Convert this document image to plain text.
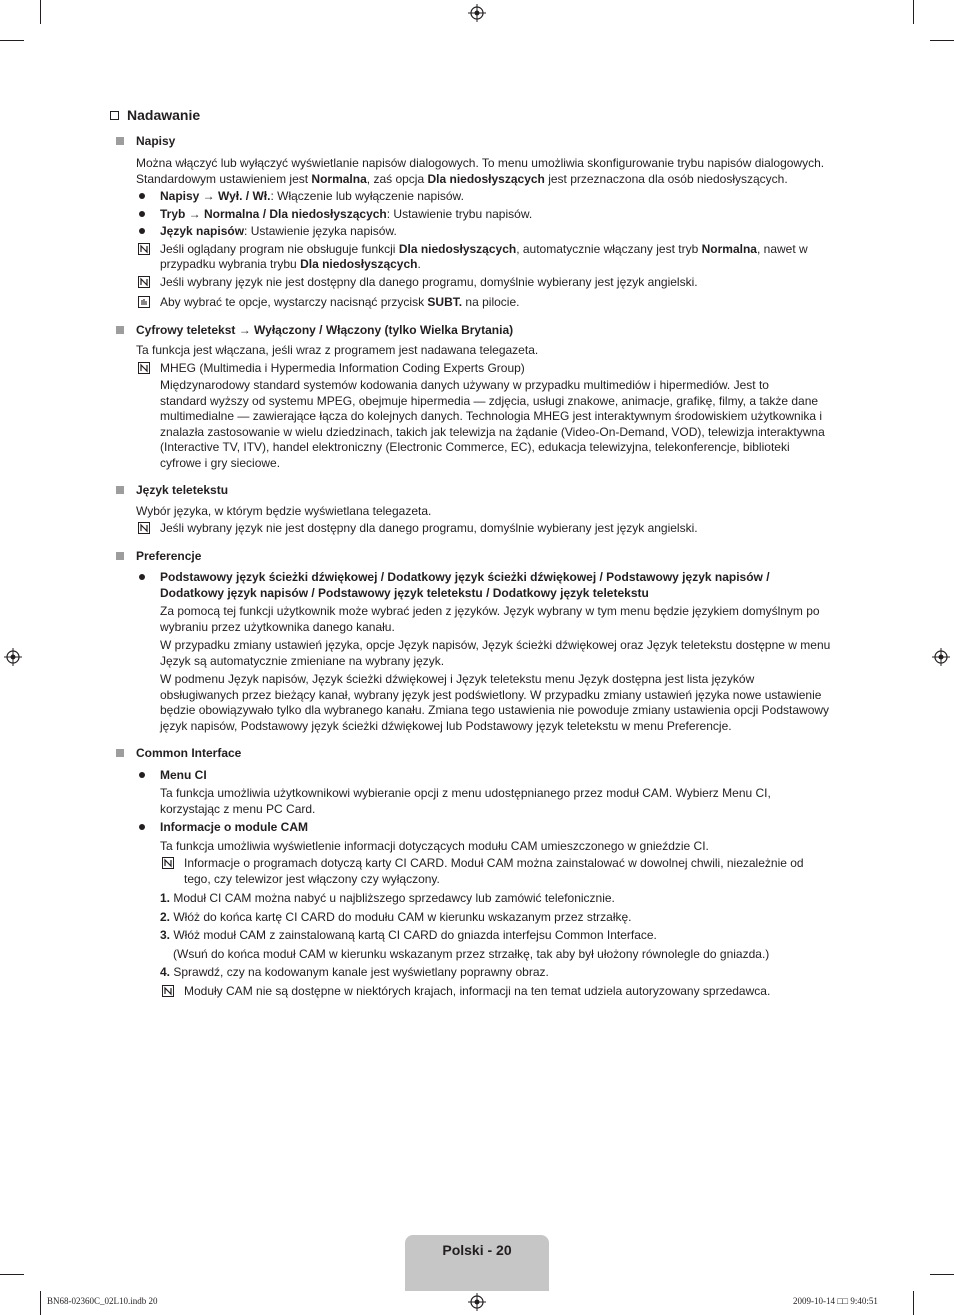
Nadawanie

Napisy

Można włączyć lub wyłączyć wyświetlanie napisów dialogowych. To menu umożliwia skonfigurowanie trybu napisów dialogowych.
Standardowym ustawieniem jest Normalna, zaś opcja Dla niedosłyszących jest przeznaczona dla osób niedosłyszących.

Napisy → Wył. / Wł.: Włączenie lub wyłączenie napisów.

Tryb → Normalna / Dla niedosłyszących: Ustawienie trybu napisów.

Język napisów: Ustawienie języka napisów.

Jeśli oglądany program nie obsługuje funkcji Dla niedosłyszących, automatycznie włączany jest tryb Normalna, nawet w
przypadku wybrania trybu Dla niedosłyszących.

Jeśli wybrany język nie jest dostępny dla danego programu, domyślnie wybierany jest język angielski.

Aby wybrać te opcje, wystarczy nacisnąć przycisk SUBT. na pilocie.

Cyfrowy teletekst → Wyłączony / Włączony (tylko Wielka Brytania)

Ta funkcja jest włączana, jeśli wraz z programem jest nadawana telegazeta.

MHEG (Multimedia i Hypermedia Information Coding Experts Group)

Międzynarodowy standard systemów kodowania danych używany w przypadku multimediów i hipermediów. Jest to
standard wyższy od systemu MPEG, obejmuje hipermedia — zdjęcia, usługi znakowe, animacje, grafikę, filmy, a także dane
multimedialne — zawierające łącza do kolejnych danych. Technologia MHEG jest interaktywnym środowiskiem użytkownika i
znalazła zastosowanie w wielu dziedzinach, takich jak telewizja na żądanie (Video-On-Demand, VOD), telewizja interaktywna
(Interactive TV, ITV), handel elektroniczny (Electronic Commerce, EC), edukacja telewizyjna, telekonferencje, biblioteki
cyfrowe i gry sieciowe.

Język teletekstu

Wybór języka, w którym będzie wyświetlana telegazeta.

Jeśli wybrany język nie jest dostępny dla danego programu, domyślnie wybierany jest język angielski.

Preferencje

Podstawowy język ścieżki dźwiękowej / Dodatkowy język ścieżki dźwiękowej / Podstawowy język napisów /
Dodatkowy język napisów / Podstawowy język teletekstu / Dodatkowy język teletekstu

Za pomocą tej funkcji użytkownik może wybrać jeden z języków. Język wybrany w tym menu będzie językiem domyślnym po
wybraniu przez użytkownika danego kanału.

W przypadku zmiany ustawień języka, opcje Język napisów, Język ścieżki dźwiękowej oraz Język teletekstu dostępne w menu
Język są automatycznie zmieniane na wybrany język.

W podmenu Język napisów, Język ścieżki dźwiękowej i Język teletekstu menu Język dostępna jest lista języków
obsługiwanych przez bieżący kanał, wybrany język jest podświetlony. W przypadku zmiany ustawień języka nowe ustawienie
będzie obowiązywało tylko dla wybranego kanału. Zmiana tego ustawienia nie powoduje zmiany ustawienia opcji Podstawowy
język napisów, Podstawowy język ścieżki dźwiękowej lub Podstawowy język teletekstu w menu Preferencje.

Common Interface

Menu CI

Ta funkcja umożliwia użytkownikowi wybieranie opcji z menu udostępnianego przez moduł CAM. Wybierz Menu CI,
korzystając z menu PC Card.

Informacje o module CAM

Ta funkcja umożliwia wyświetlenie informacji dotyczących modułu CAM umieszczonego w gnieździe CI.

Informacje o programach dotyczą karty CI CARD. Moduł CAM można zainstalować w dowolnej chwili, niezależnie od
tego, czy telewizor jest włączony czy wyłączony.

1. Moduł CI CAM można nabyć u najbliższego sprzedawcy lub zamówić telefonicznie.

2. Włóż do końca kartę CI CARD do modułu CAM w kierunku wskazanym przez strzałkę.

3. Włóż moduł CAM z zainstalowaną kartą CI CARD do gniazda interfejsu Common Interface.

(Wsuń do końca moduł CAM w kierunku wskazanym przez strzałkę, tak aby był ułożony równolegle do gniazda.)

4. Sprawdź, czy na kodowanym kanale jest wyświetlany poprawny obraz.

Moduły CAM nie są dostępne w niektórych krajach, informacji na ten temat udziela autoryzowany sprzedawca.

Polski - 20
BN68-02360C_02L10.indb 20	2009-10-14 □□ 9:40:51
